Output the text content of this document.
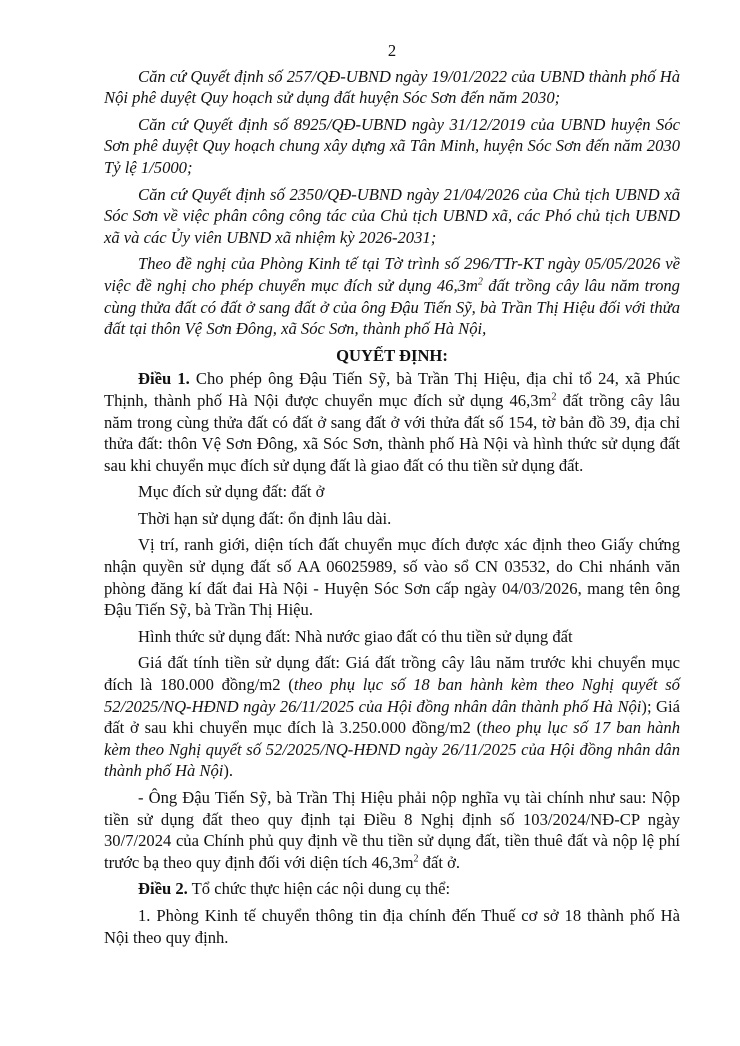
2

Căn cứ Quyết định số 257/QĐ-UBND ngày 19/01/2022 của UBND thành phố Hà Nội phê duyệt Quy hoạch sử dụng đất huyện Sóc Sơn đến năm 2030;

Căn cứ Quyết định số 8925/QĐ-UBND ngày 31/12/2019 của UBND huyện Sóc Sơn phê duyệt Quy hoạch chung xây dựng xã Tân Minh, huyện Sóc Sơn đến năm 2030 Tỷ lệ 1/5000;

Căn cứ Quyết định số 2350/QĐ-UBND ngày 21/04/2026 của Chủ tịch UBND xã Sóc Sơn về việc phân công công tác của Chủ tịch UBND xã, các Phó chủ tịch UBND xã và các Ủy viên UBND xã nhiệm kỳ 2026-2031;

Theo đề nghị của Phòng Kinh tế tại Tờ trình số 296/TTr-KT ngày 05/05/2026 về việc đề nghị cho phép chuyển mục đích sử dụng $46,3m^2$ đất trồng cây lâu năm trong cùng thửa đất có đất ở sang đất ở của ông Đậu Tiến Sỹ, bà Trần Thị Hiệu đối với thửa đất tại thôn Vệ Sơn Đông, xã Sóc Sơn, thành phố Hà Nội,

QUYẾT ĐỊNH:

Điều 1. Cho phép ông Đậu Tiến Sỹ, bà Trần Thị Hiệu, địa chỉ tổ 24, xã Phúc Thịnh, thành phố Hà Nội được chuyển mục đích sử dụng $46,3m^2$ đất trồng cây lâu năm trong cùng thửa đất có đất ở sang đất ở với thửa đất số 154, tờ bản đồ 39, địa chỉ thửa đất: thôn Vệ Sơn Đông, xã Sóc Sơn, thành phố Hà Nội và hình thức sử dụng đất sau khi chuyển mục đích sử dụng đất là giao đất có thu tiền sử dụng đất.

Mục đích sử dụng đất: đất ở

Thời hạn sử dụng đất: ổn định lâu dài.

Vị trí, ranh giới, diện tích đất chuyển mục đích được xác định theo Giấy chứng nhận quyền sử dụng đất số AA 06025989, số vào sổ CN 03532, do Chi nhánh văn phòng đăng kí đất đai Hà Nội - Huyện Sóc Sơn cấp ngày 04/03/2026, mang tên ông Đậu Tiến Sỹ, bà Trần Thị Hiệu.

Hình thức sử dụng đất: Nhà nước giao đất có thu tiền sử dụng đất

Giá đất tính tiền sử dụng đất: Giá đất trồng cây lâu năm trước khi chuyển mục đích là 180.000 đồng/m2 (theo phụ lục số 18 ban hành kèm theo Nghị quyết số 52/2025/NQ-HĐND ngày 26/11/2025 của Hội đồng nhân dân thành phố Hà Nội); Giá đất ở sau khi chuyển mục đích là 3.250.000 đồng/m2 (theo phụ lục số 17 ban hành kèm theo Nghị quyết số 52/2025/NQ-HĐND ngày 26/11/2025 của Hội đồng nhân dân thành phố Hà Nội).

- Ông Đậu Tiến Sỹ, bà Trần Thị Hiệu phải nộp nghĩa vụ tài chính như sau: Nộp tiền sử dụng đất theo quy định tại Điều 8 Nghị định số 103/2024/NĐ-CP ngày 30/7/2024 của Chính phủ quy định về thu tiền sử dụng đất, tiền thuê đất và nộp lệ phí trước bạ theo quy định đối với diện tích $46,3m^2$ đất ở.

Điều 2. Tổ chức thực hiện các nội dung cụ thể:

1. Phòng Kinh tế chuyển thông tin địa chính đến Thuế cơ sở 18 thành phố Hà Nội theo quy định.
